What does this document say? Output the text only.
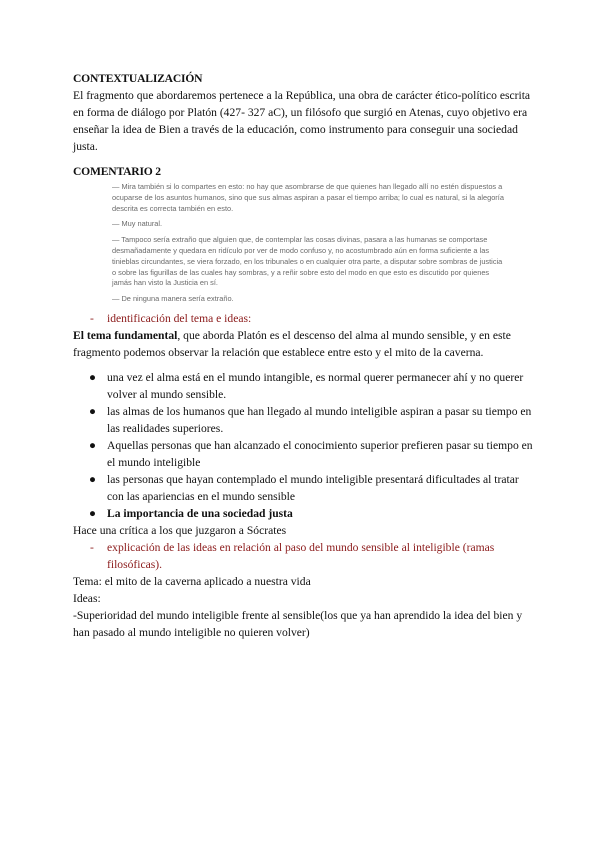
CONTEXTUALIZACIÓN

El fragmento que abordaremos pertenece a la República, una obra de carácter ético-político escrita en forma de diálogo por Platón (427- 327 aC), un filósofo que surgió en Atenas, cuyo objetivo era enseñar la idea de Bien a través de la educación, como instrumento para conseguir una sociedad justa.

COMENTARIO 2

— Mira también si lo compartes en esto: no hay que asombrarse de que quienes han llegado allí no estén dispuestos a ocuparse de los asuntos humanos, sino que sus almas aspiran a pasar el tiempo arriba; lo cual es natural, si la alegoría descrita es correcta también en esto.

— Muy natural.

— Tampoco sería extraño que alguien que, de contemplar las cosas divinas, pasara a las humanas se comportase desmañadamente y quedara en ridículo por ver de modo confuso y, no acostumbrado aún en forma suficiente a las tinieblas circundantes, se viera forzado, en los tribunales o en cualquier otra parte, a disputar sobre sombras de justicia o sobre las figurillas de las cuales hay sombras, y a reñir sobre esto del modo en que esto es discutido por quienes jamás han visto la Justicia en sí.

— De ninguna manera sería extraño.

- identificación del tema e ideas:

El tema fundamental, que aborda Platón es el descenso del alma al mundo sensible, y en este fragmento podemos observar la relación que establece entre esto y el mito de la caverna.

● una vez el alma está en el mundo intangible, es normal querer permanecer ahí y no querer volver al mundo sensible.
● las almas de los humanos que han llegado al mundo inteligible aspiran a pasar su tiempo en las realidades superiores.
● Aquellas personas que han alcanzado el conocimiento superior prefieren pasar su tiempo en el mundo inteligible
● las personas que hayan contemplado el mundo inteligible presentará dificultades al tratar con las apariencias en el mundo sensible
● La importancia de una sociedad justa

Hace una crítica a los que juzgaron a Sócrates

- explicación de las ideas en relación al paso del mundo sensible al inteligible (ramas filosóficas).

Tema: el mito de la caverna aplicado a nuestra vida

Ideas:

-Superioridad del mundo inteligible frente al sensible(los que ya han aprendido la idea del bien y han pasado al mundo inteligible no quieren volver)
